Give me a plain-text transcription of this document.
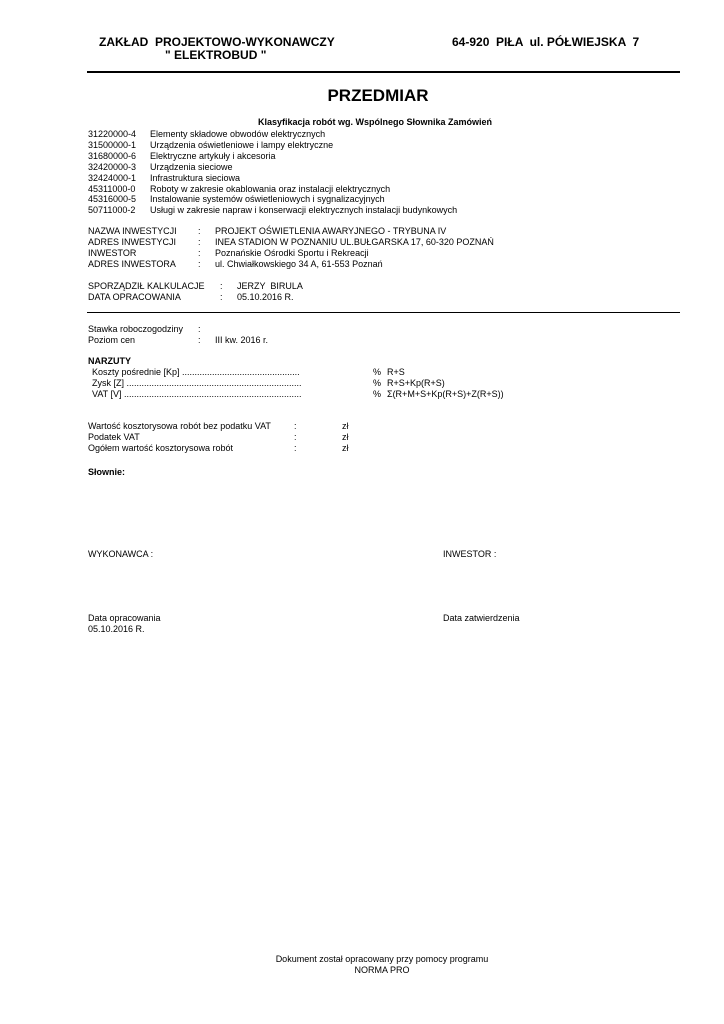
ZAKŁAD  PROJEKTOWO-WYKONAWCZY
" ELEKTROBUD "
64-920  PIŁA  ul. PÓŁWIEJSKA  7
PRZEDMIAR
Klasyfikacja robót wg. Wspólnego Słownika Zamówień
31220000-4 Elementy składowe obwodów elektrycznych
31500000-1 Urządzenia oświetleniowe i lampy elektryczne
31680000-6 Elektryczne artykuły i akcesoria
32420000-3 Urządzenia sieciowe
32424000-1 Infrastruktura sieciowa
45311000-0 Roboty w zakresie okablowania oraz instalacji elektrycznych
45316000-5 Instalowanie systemów oświetleniowych i sygnalizacyjnych
50711000-2 Usługi w zakresie napraw i konserwacji elektrycznych instalacji budynkowych
NAZWA INWESTYCJI : PROJEKT OŚWIETLENIA AWARYJNEGO - TRYBUNA IV
ADRES INWESTYCJI : INEA STADION W POZNANIU UL.BUŁGARSKA 17, 60-320 POZNAŃ
INWESTOR	: Poznańskie Ośrodki Sportu i Rekreacji
ADRES INWESTORA : ul. Chwiałkowskiego 34 A, 61-553 Poznań
SPORZĄDZIŁ KALKULACJE : JERZY  BIRULA
DATA OPRACOWANIA	: 05.10.2016 R.
Stawka roboczogodziny :
Poziom cen	: III kw. 2016 r.
NARZUTY
Koszty pośrednie [Kp] ...............................................	% R+S
Zysk [Z] ......................................................................	% R+S+Kp(R+S)
VAT [V] .......................................................................	% Σ(R+M+S+Kp(R+S)+Z(R+S))
Wartość kosztorysowa robót bez podatku VAT	:	zł
Podatek VAT	:	zł
Ogółem wartość kosztorysowa robót	:	zł
Słownie:
WYKONAWCA :	INWESTOR :
Data opracowania
05.10.2016 R.
Data zatwierdzenia
Dokument został opracowany przy pomocy programu
NORMA PRO
